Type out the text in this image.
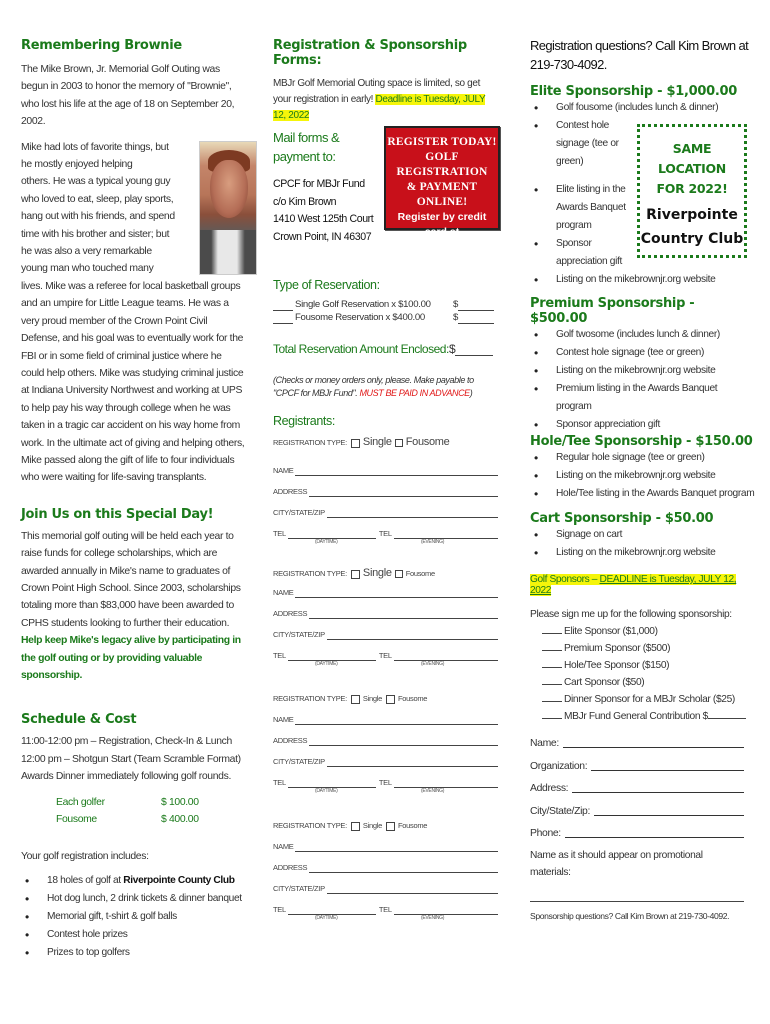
Remembering Brownie

The Mike Brown, Jr. Memorial Golf Outing was begun in 2003 to honor the memory of "Brownie", who lost his life at the age of 18 on September 20, 2002.

Mike had lots of favorite things, but
he mostly enjoyed helping
others. He was a typical young guy
who loved to eat, sleep, play sports,
hang out with his friends, and spend
time with his brother and sister; but
he was also a very remarkable
young man who touched many

lives. Mike was a referee for local basketball groups and an umpire for Little League teams. He was a very proud member of the Crown Point Civil Defense, and his goal was to eventually work for the FBI or in some field of criminal justice where he could help others. Mike was studying criminal justice at Indiana University Northwest and working at UPS to help pay his way through college when he was taken in a tragic car accident on his way home from work. In the ultimate act of giving and helping others, Mike passed along the gift of life to four individuals who were waiting for life-saving transplants.

Join Us on this Special Day!

This memorial golf outing will be held each year to raise funds for college scholarships, which are awarded annually in Mike's name to graduates of Crown Point High School. Since 2003, scholarships totaling more than $83,000 have been awarded to CPHS students looking to further their education. Help keep Mike's legacy alive by participating in the golf outing or by providing valuable sponsorship.

Schedule & Cost
11:00-12:00 pm – Registration, Check-In & Lunch
12:00 pm – Shotgun Start (Team Scramble Format)
Awards Dinner immediately following golf rounds.
Each golfer	$ 100.00
Fousome	$ 400.00
Your golf registration includes:
• 18 holes of golf at Riverpointe County Club
• Hot dog lunch, 2 drink tickets & dinner banquet
• Memorial gift, t-shirt & golf balls
• Contest hole prizes
• Prizes to top golfers
Registration & Sponsorship Forms:

MBJr Golf Memorial Outing space is limited, so get your registration in early! Deadline is Tuesday, JULY 12, 2022

Mail forms & payment to:
CPCF for MBJr Fund
c/o Kim Brown
1410 West 125th Court
Crown Point, IN 46307
REGISTER TODAY!
GOLF REGISTRATION
& PAYMENT ONLINE!
Register by credit card at
www.mikebrownjr.org
Type of Reservation:
Single Golf Reservation x $100.00	$
Fousome Reservation x $400.00	$
Total Reservation Amount Enclosed: $

(Checks or money orders only, please. Make payable to "CPCF for MBJr Fund". MUST BE PAID IN ADVANCE)

Registrants:
REGISTRATION TYPE: Single Fousome
NAME
ADDRESS
CITY/STATE/ZIP
TEL	TEL
(DAYTIME)	(EVENING)
REGISTRATION TYPE: Single Fousome
NAME
ADDRESS
CITY/STATE/ZIP
TEL	TEL
(DAYTIME)	(EVENING)
REGISTRATION TYPE: Single Fousome
NAME
ADDRESS
CITY/STATE/ZIP
TEL	TEL
(DAYTIME)	(EVENING)
REGISTRATION TYPE: Single Fousome
NAME
ADDRESS
CITY/STATE/ZIP
TEL	TEL
(DAYTIME)	(EVENING)
Registration questions? Call Kim Brown at 219-730-4092.
Elite Sponsorship - $1,000.00
• Golf fousome (includes lunch & dinner)
• Contest hole signage (tee or green)
• Elite listing in the Awards Banquet program
• Sponsor appreciation gift
• Listing on the mikebrownjr.org website
SAME LOCATION
FOR 2022!
Riverpointe
Country Club
Premium Sponsorship - $500.00
• Golf twosome (includes lunch & dinner)
• Contest hole signage (tee or green)
• Listing on the mikebrownjr.org website
• Premium listing in the Awards Banquet program
• Sponsor appreciation gift
Hole/Tee Sponsorship - $150.00
• Regular hole signage (tee or green)
• Listing on the mikebrownjr.org website
• Hole/Tee listing in the Awards Banquet program
Cart Sponsorship - $50.00
• Signage on cart
• Listing on the mikebrownjr.org website
Golf Sponsors – DEADLINE is Tuesday, JULY 12, 2022
Please sign me up for the following sponsorship:
Elite Sponsor ($1,000)
Premium Sponsor ($500)
Hole/Tee Sponsor ($150)
Cart Sponsor ($50)
Dinner Sponsor for a MBJr Scholar ($25)
MBJr Fund General Contribution $
Name:
Organization:
Address:
City/State/Zip:
Phone:
Name as it should appear on promotional materials:
Sponsorship questions? Call Kim Brown at 219-730-4092.
